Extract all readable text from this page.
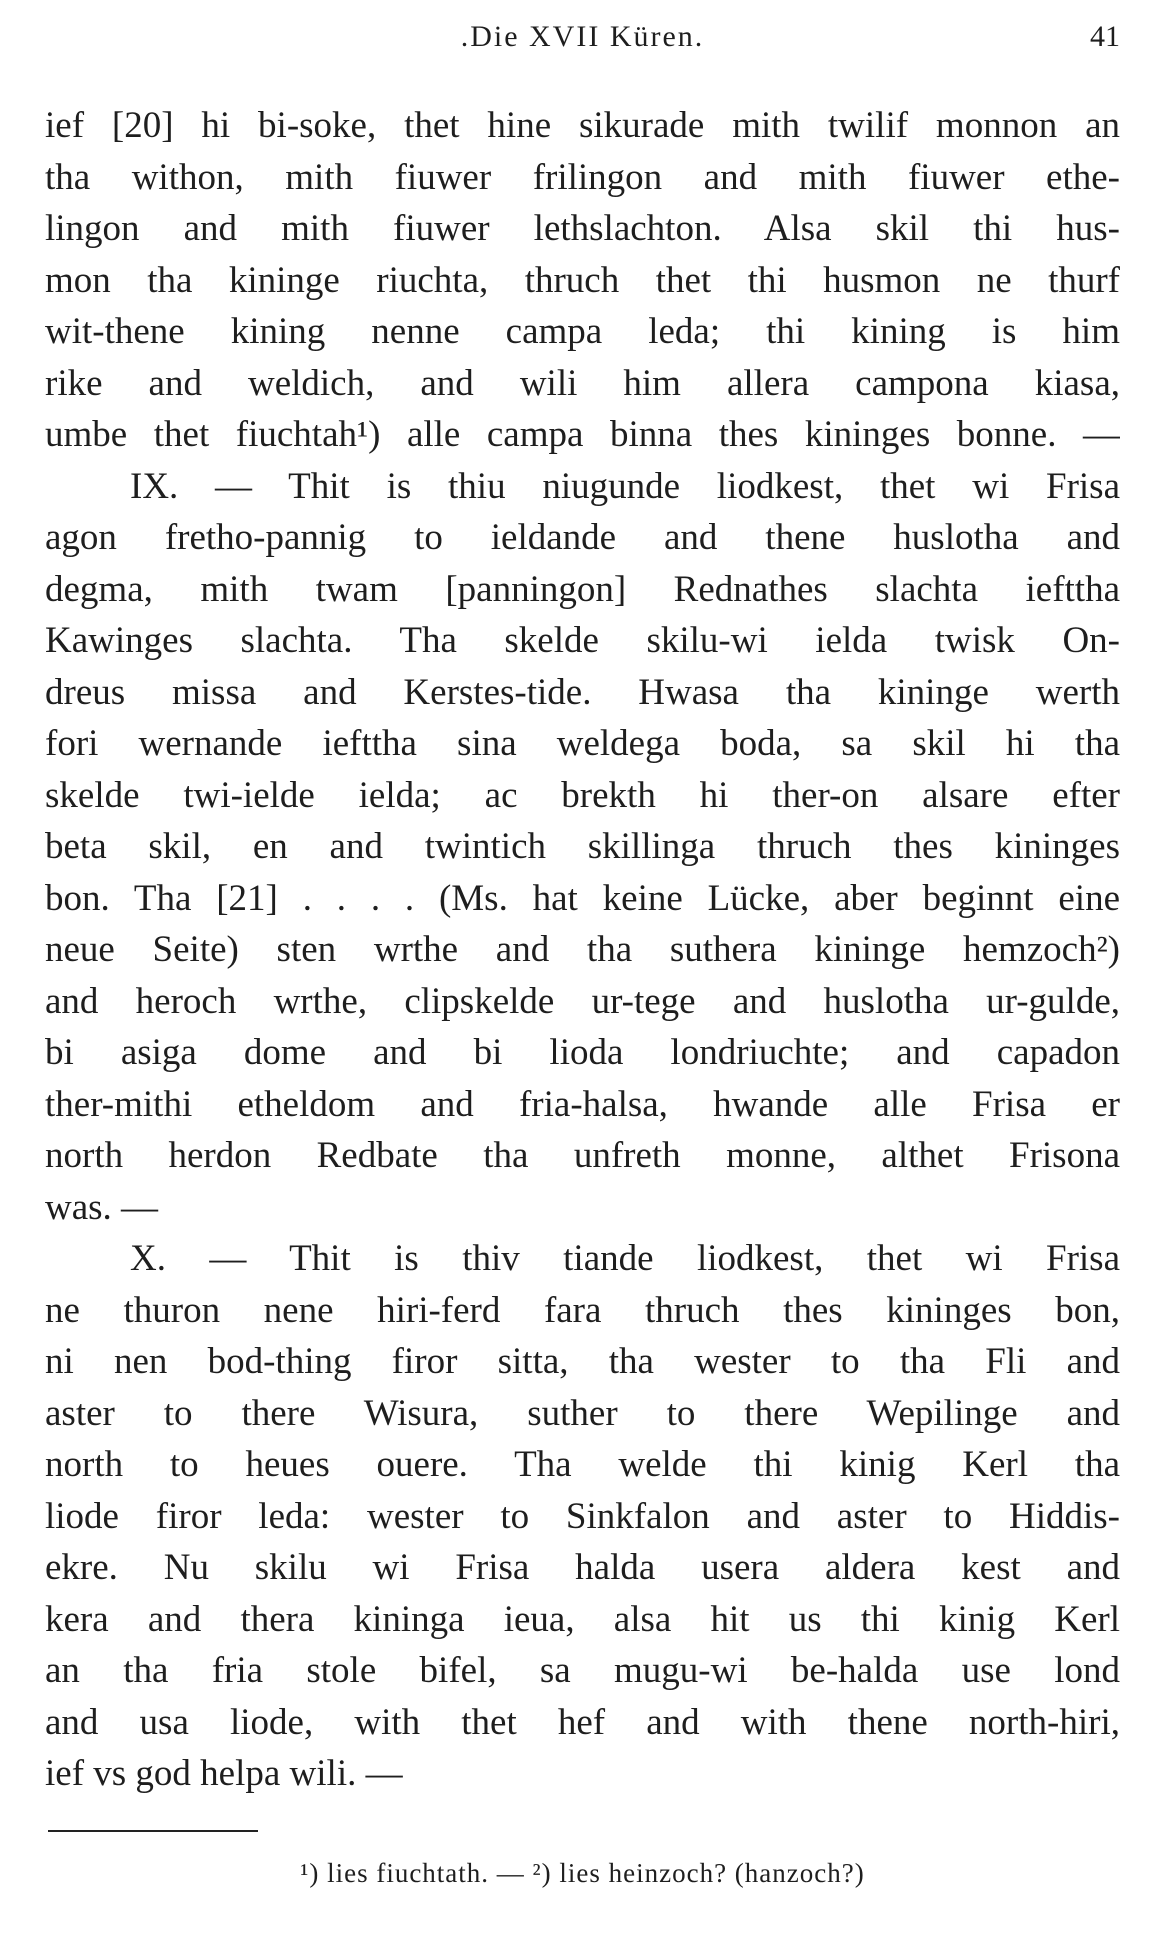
.Die XVII Küren.	41
ief [20] hi bi-soke, thet hine sikurade mith twilif monnon an
tha withon, mith fiuwer frilingon and mith fiuwer ethe-
lingon and mith fiuwer lethslachton. Alsa skil thi hus-
mon tha kininge riuchta, thruch thet thi husmon ne thurf
wit-thene kining nenne campa leda; thi kining is him
rike and weldich, and wili him allera campona kiasa,
umbe thet fiuchtah¹) alle campa binna thes kininges bonne. —
IX. — Thit is thiu niugunde liodkest, thet wi Frisa
agon fretho-pannig to ieldande and thene huslotha and
degma, mith twam [panningon] Rednathes slachta iefttha
Kawinges slachta. Tha skelde skilu-wi ielda twisk On-
dreus missa and Kerstes-tide. Hwasa tha kininge werth
fori wernande iefttha sina weldega boda, sa skil hi tha
skelde twi-ielde ielda; ac brekth hi ther-on alsare efter
beta skil, en and twintich skillinga thruch thes kininges
bon. Tha [21] . . . . (Ms. hat keine Lücke, aber beginnt eine
neue Seite) sten wrthe and tha suthera kininge hemzoch²)
and heroch wrthe, clipskelde ur-tege and huslotha ur-gulde,
bi asiga dome and bi lioda londriuchte; and capadon
ther-mithi etheldom and fria-halsa, hwande alle Frisa er
north herdon Redbate tha unfreth monne, althet Frisona
was. —
X. — Thit is thiv tiande liodkest, thet wi Frisa
ne thuron nene hiri-ferd fara thruch thes kininges bon,
ni nen bod-thing firor sitta, tha wester to tha Fli and
aster to there Wisura, suther to there Wepilinge and
north to heues ouere. Tha welde thi kinig Kerl tha
liode firor leda: wester to Sinkfalon and aster to Hiddis-
ekre. Nu skilu wi Frisa halda usera aldera kest and
kera and thera kininga ieua, alsa hit us thi kinig Kerl
an tha fria stole bifel, sa mugu-wi be-halda use lond
and usa liode, with thet hef and with thene north-hiri,
ief vs god helpa wili. —
¹) lies fiuchtath. — ²) lies heinzoch? (hanzoch?)
